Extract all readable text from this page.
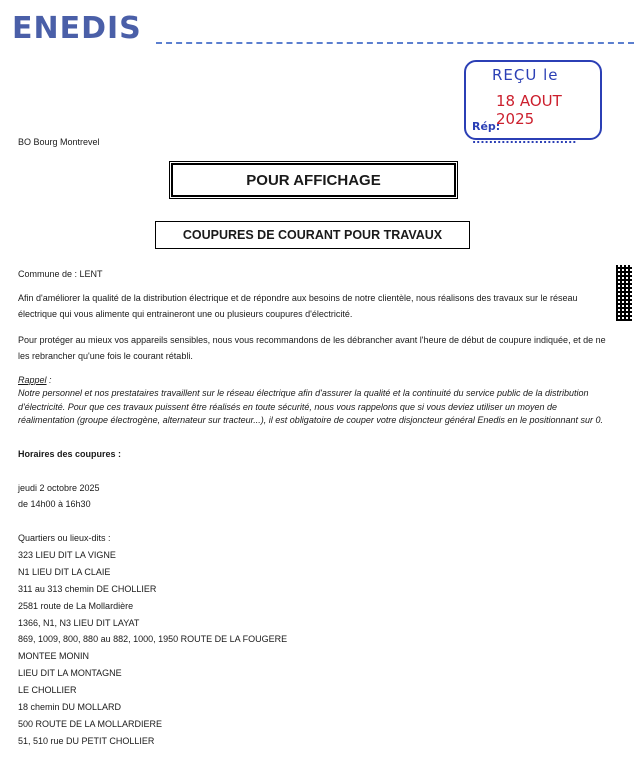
ENEDIS
REÇU le
18 AOUT 2025
Rép: .........................
BO Bourg Montrevel
POUR AFFICHAGE
COUPURES DE COURANT POUR TRAVAUX
Commune de : LENT
Afin d'améliorer la qualité de la distribution électrique et de répondre aux besoins de notre clientèle, nous réalisons des travaux sur le réseau électrique qui vous alimente qui entraineront une ou plusieurs coupures d'électricité.
Pour protéger au mieux vos appareils sensibles, nous vous recommandons de les débrancher avant l'heure de début de coupure indiquée, et de ne les rebrancher qu'une fois le courant rétabli.
Rappel :
Notre personnel et nos prestataires travaillent sur le réseau électrique afin d'assurer la qualité et la continuité du service public de la distribution d'électricité. Pour que ces travaux puissent être réalisés en toute sécurité, nous vous rappelons que si vous deviez utiliser un moyen de réalimentation (groupe électrogène, alternateur sur tracteur...), il est obligatoire de couper votre disjoncteur général Enedis en le positionnant sur 0.
Horaires des coupures :
jeudi 2 octobre 2025
de 14h00 à 16h30
Quartiers ou lieux-dits :
323 LIEU DIT LA VIGNE
N1 LIEU DIT LA CLAIE
311 au 313 chemin DE CHOLLIER
2581 route de La Mollardière
1366, N1, N3 LIEU DIT LAYAT
869, 1009, 800, 880 au 882, 1000, 1950 ROUTE DE LA FOUGERE
MONTEE MONIN
LIEU DIT LA MONTAGNE
LE CHOLLIER
18 chemin DU MOLLARD
500 ROUTE DE LA MOLLARDIERE
51, 510 rue DU PETIT CHOLLIER
